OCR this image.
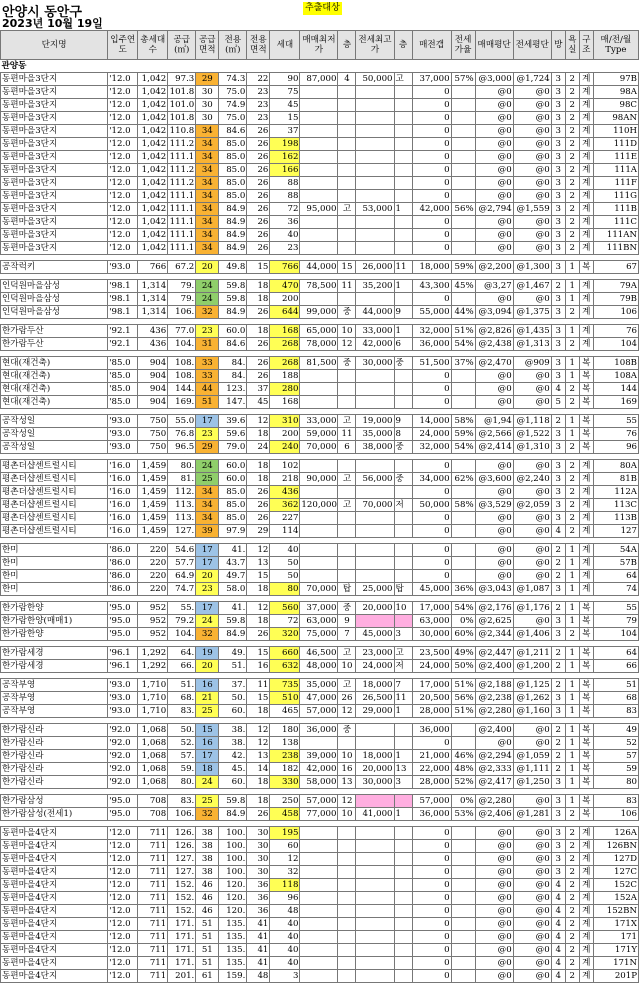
안양시 동안구
2023년 10월 19일
추출대상
단지명	입주연도	총세대수	공급(㎡)	공급면적	전용(㎡)	전용면적	세대	매매최저가	층	전세최고가	층	매전갭	전세가율	매매평단	전세평단	방	욕실	구조	매/전/월Type
관양동																			
동편마을3단지	'12.0	1,042	97.3	29	74.3	22	90	87,000	4	50,000	고	37,000	57%	@3,000	@1,724	3	2	계	97B
동편마을3단지	'12.0	1,042	101.8	30	75.0	23	75					0		@0	@0	3	2	계	98A
동편마을3단지	'12.0	1,042	101.0	30	74.9	23	45					0		@0	@0	3	2	계	98C
동편마을3단지	'12.0	1,042	101.8	30	75.0	23	15					0		@0	@0	3	2	계	98AN
동편마을3단지	'12.0	1,042	110.8	34	84.6	26	37					0		@0	@0	3	2	계	110H
동편마을3단지	'12.0	1,042	111.2	34	85.0	26	198					0		@0	@0	3	2	계	111D
동편마을3단지	'12.0	1,042	111.1	34	85.0	26	162					0		@0	@0	3	2	계	111E
동편마을3단지	'12.0	1,042	111.2	34	85.0	26	166					0		@0	@0	3	2	계	111A
동편마을3단지	'12.0	1,042	111.2	34	85.0	26	88					0		@0	@0	3	2	계	111F
동편마을3단지	'12.0	1,042	111.1	34	85.0	26	88					0		@0	@0	3	2	계	111G
동편마을3단지	'12.0	1,042	111.1	34	84.9	26	72	95,000	고	53,000	1	42,000	56%	@2,794	@1,559	3	2	계	111B
동편마을3단지	'12.0	1,042	111.1	34	84.9	26	36					0		@0	@0	3	2	계	111C
동편마을3단지	'12.0	1,042	111.1	34	84.9	26	40					0		@0	@0	3	2	계	111AN
동편마을3단지	'12.0	1,042	111.1	34	84.9	26	23					0		@0	@0	3	2	계	111BN

공작럭키	'93.0	766	67.2	20	49.8	15	766	44,000	15	26,000	11	18,000	59%	@2,200	@1,300	3	1	복	67

인덕원마을삼성	'98.1	1,314	79.	24	59.8	18	470	78,500	11	35,200	1	43,300	45%	@3,27	@1,467	2	1	계	79A
인덕원마을삼성	'98.1	1,314	79.	24	59.8	18	200					0		@0	@0	3	1	계	79B
인덕원마을삼성	'98.1	1,314	106.	32	84.9	26	644	99,000	중	44,000	9	55,000	44%	@3,094	@1,375	3	2	계	106

한가람두산	'92.1	436	77.0	23	60.0	18	168	65,000	10	33,000	1	32,000	51%	@2,826	@1,435	3	1	계	76
한가람두산	'92.1	436	104.	31	84.6	26	268	78,000	12	42,000	6	36,000	54%	@2,438	@1,313	3	2	계	104

현대(재건축)	'85.0	904	108.	33	84.	26	268	81,500	중	30,000	중	51,500	37%	@2,470	@909	3	1	복	108B
현대(재건축)	'85.0	904	108.	33	84.	26	188					0		@0	@0	3	1	복	108A
현대(재건축)	'85.0	904	144.	44	123.	37	280					0		@0	@0	4	2	복	144
현대(재건축)	'85.0	904	169.	51	147.	45	168					0		@0	@0	5	2	복	169

공작성일	'93.0	750	55.0	17	39.6	12	310	33,000	고	19,000	9	14,000	58%	@1,94	@1,118	2	1	복	55
공작성일	'93.0	750	76.8	23	59.6	18	200	59,000	11	35,000	8	24,000	59%	@2,566	@1,522	3	1	복	76
공작성일	'93.0	750	96.5	29	79.0	24	240	70,000	6	38,000	중	32,000	54%	@2,414	@1,310	3	2	복	96

평촌더샵센트럴시티	'16.0	1,459	80.	24	60.0	18	102					0		@0	@0	3	2	계	80A
평촌더샵센트럴시티	'16.0	1,459	81.	25	60.0	18	218	90,000	고	56,000	중	34,000	62%	@3,600	@2,240	3	2	계	81B
평촌더샵센트럴시티	'16.0	1,459	112.	34	85.0	26	436					0		@0	@0	3	2	계	112A
평촌더샵센트럴시티	'16.0	1,459	113.	34	85.0	26	362	120,000	고	70,000	저	50,000	58%	@3,529	@2,059	3	2	계	113C
평촌더샵센트럴시티	'16.0	1,459	113.	34	85.0	26	227					0		@0	@0	3	2	계	113B
평촌더샵센트럴시티	'16.0	1,459	127.	39	97.9	29	114					0		@0	@0	4	2	계	127

한미	'86.0	220	54.6	17	41.	12	40					0		@0	@0	2	1	계	54A
한미	'86.0	220	57.7	17	43.7	13	50					0		@0	@0	2	1	계	57B
한미	'86.0	220	64.9	20	49.7	15	50					0		@0	@0	2	1	계	64
한미	'86.0	220	74.7	23	58.0	18	80	70,000	탑	25,000	탑	45,000	36%	@3,043	@1,087	3	1	계	74

한가람한양	'95.0	952	55.	17	41.	12	560	37,000	중	20,000	10	17,000	54%	@2,176	@1,176	2	1	복	55
한가람한양(매매1)	'95.0	952	79.2	24	59.8	18	72	63,000	9			63,000	0%	@2,625	@0	3	1	복	79
한가람한양	'95.0	952	104.	32	84.9	26	320	75,000	7	45,000	3	30,000	60%	@2,344	@1,406	3	2	복	104

한가람세경	'96.1	1,292	64.	19	49.	15	660	46,500	고	23,000	고	23,500	49%	@2,447	@1,211	2	1	복	64
한가람세경	'96.1	1,292	66.	20	51.	16	632	48,000	10	24,000	저	24,000	50%	@2,400	@1,200	2	1	복	66

공작부영	'93.0	1,710	51.	16	37.	11	735	35,000	고	18,000	7	17,000	51%	@2,188	@1,125	2	1	복	51
공작부영	'93.0	1,710	68.	21	50.	15	510	47,000	26	26,500	11	20,500	56%	@2,238	@1,262	3	1	복	68
공작부영	'93.0	1,710	83.	25	60.	18	465	57,000	12	29,000	1	28,000	51%	@2,280	@1,160	3	1	복	83

한가람신라	'92.0	1,068	50.	15	38.	12	180	36,000	중			36,000		@2,400	@0	2	1	복	49
한가람신라	'92.0	1,068	52.	16	38.	12	138					0		@0	@0	2	1	복	52
한가람신라	'92.0	1,068	57.	17	42.	13	238	39,000	10	18,000	1	21,000	46%	@2,294	@1,059	2	1	복	57
한가람신라	'92.0	1,068	59.	18	45.	14	182	42,000	16	20,000	13	22,000	48%	@2,333	@1,111	2	1	복	59
한가람신라	'92.0	1,068	80.	24	60.	18	330	58,000	13	30,000	3	28,000	52%	@2,417	@1,250	3	1	복	80

한가람삼성	'95.0	708	83.	25	59.8	18	250	57,000	12			57,000	0%	@2,280	@0	3	1	복	83
한가람삼성(전세1)	'95.0	708	106.	32	84.9	26	458	77,000	10	41,000	1	36,000	53%	@2,406	@1,281	3	2	복	106

동편마을4단지	'12.0	711	126.	38	100.	30	195					0		@0	@0	3	2	계	126A
동편마을4단지	'12.0	711	126.	38	100.	30	60					0		@0	@0	3	2	계	126BN
동편마을4단지	'12.0	711	127.	38	100.	30	12					0		@0	@0	3	2	계	127D
동편마을4단지	'12.0	711	127.	38	100.	30	32					0		@0	@0	3	2	계	127C
동편마을4단지	'12.0	711	152.	46	120.	36	118					0		@0	@0	4	2	계	152C
동편마을4단지	'12.0	711	152.	46	120.	36	96					0		@0	@0	4	2	계	152A
동편마을4단지	'12.0	711	152.	46	120.	36	48					0		@0	@0	4	2	계	152BN
동편마을4단지	'12.0	711	171.	51	135.	41	40					0		@0	@0	4	2	계	171X
동편마을4단지	'12.0	711	171.	51	135.	41	40					0		@0	@0	4	2	계	171
동편마을4단지	'12.0	711	171.	51	135.	41	40					0		@0	@0	4	2	계	171Y
동편마을4단지	'12.0	711	171.	51	135.	41	40					0		@0	@0	4	2	계	171N
동편마을4단지	'12.0	711	201.	61	159.	48	3					0		@0	@0	4	2	계	201P
